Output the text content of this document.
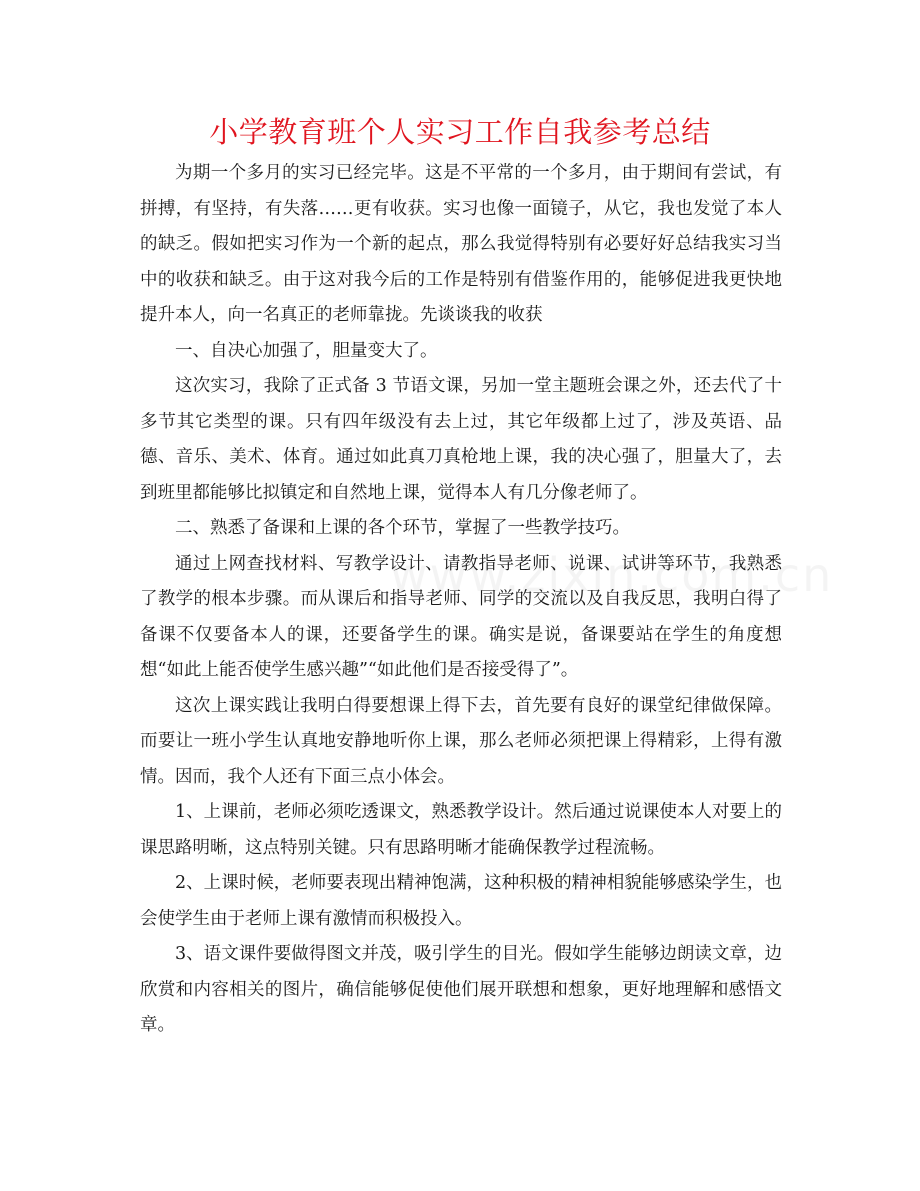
小学教育班个人实习工作自我参考总结

为期一个多月的实习已经完毕。这是不平常的一个多月，由于期间有尝试，有拼搏，有坚持，有失落……更有收获。实习也像一面镜子，从它，我也发觉了本人的缺乏。假如把实习作为一个新的起点，那么我觉得特别有必要好好总结我实习当中的收获和缺乏。由于这对我今后的工作是特别有借鉴作用的，能够促进我更快地提升本人，向一名真正的老师靠拢。先谈谈我的收获

一、自决心加强了，胆量变大了。

这次实习，我除了正式备 3 节语文课，另加一堂主题班会课之外，还去代了十多节其它类型的课。只有四年级没有去上过，其它年级都上过了，涉及英语、品德、音乐、美术、体育。通过如此真刀真枪地上课，我的决心强了，胆量大了，去到班里都能够比拟镇定和自然地上课，觉得本人有几分像老师了。

二、熟悉了备课和上课的各个环节，掌握了一些教学技巧。

通过上网查找材料、写教学设计、请教指导老师、说课、试讲等环节，我熟悉了教学的根本步骤。而从课后和指导老师、同学的交流以及自我反思，我明白得了备课不仅要备本人的课，还要备学生的课。确实是说，备课要站在学生的角度想想“如此上能否使学生感兴趣”“如此他们是否接受得了”。

这次上课实践让我明白得要想课上得下去，首先要有良好的课堂纪律做保障。而要让一班小学生认真地安静地听你上课，那么老师必须把课上得精彩，上得有激情。因而，我个人还有下面三点小体会。

1、上课前，老师必须吃透课文，熟悉教学设计。然后通过说课使本人对要上的课思路明晰，这点特别关键。只有思路明晰才能确保教学过程流畅。

2、上课时候，老师要表现出精神饱满，这种积极的精神相貌能够感染学生，也会使学生由于老师上课有激情而积极投入。

3、语文课件要做得图文并茂，吸引学生的目光。假如学生能够边朗读文章，边欣赏和内容相关的图片，确信能够促使他们展开联想和想象，更好地理解和感悟文章。
